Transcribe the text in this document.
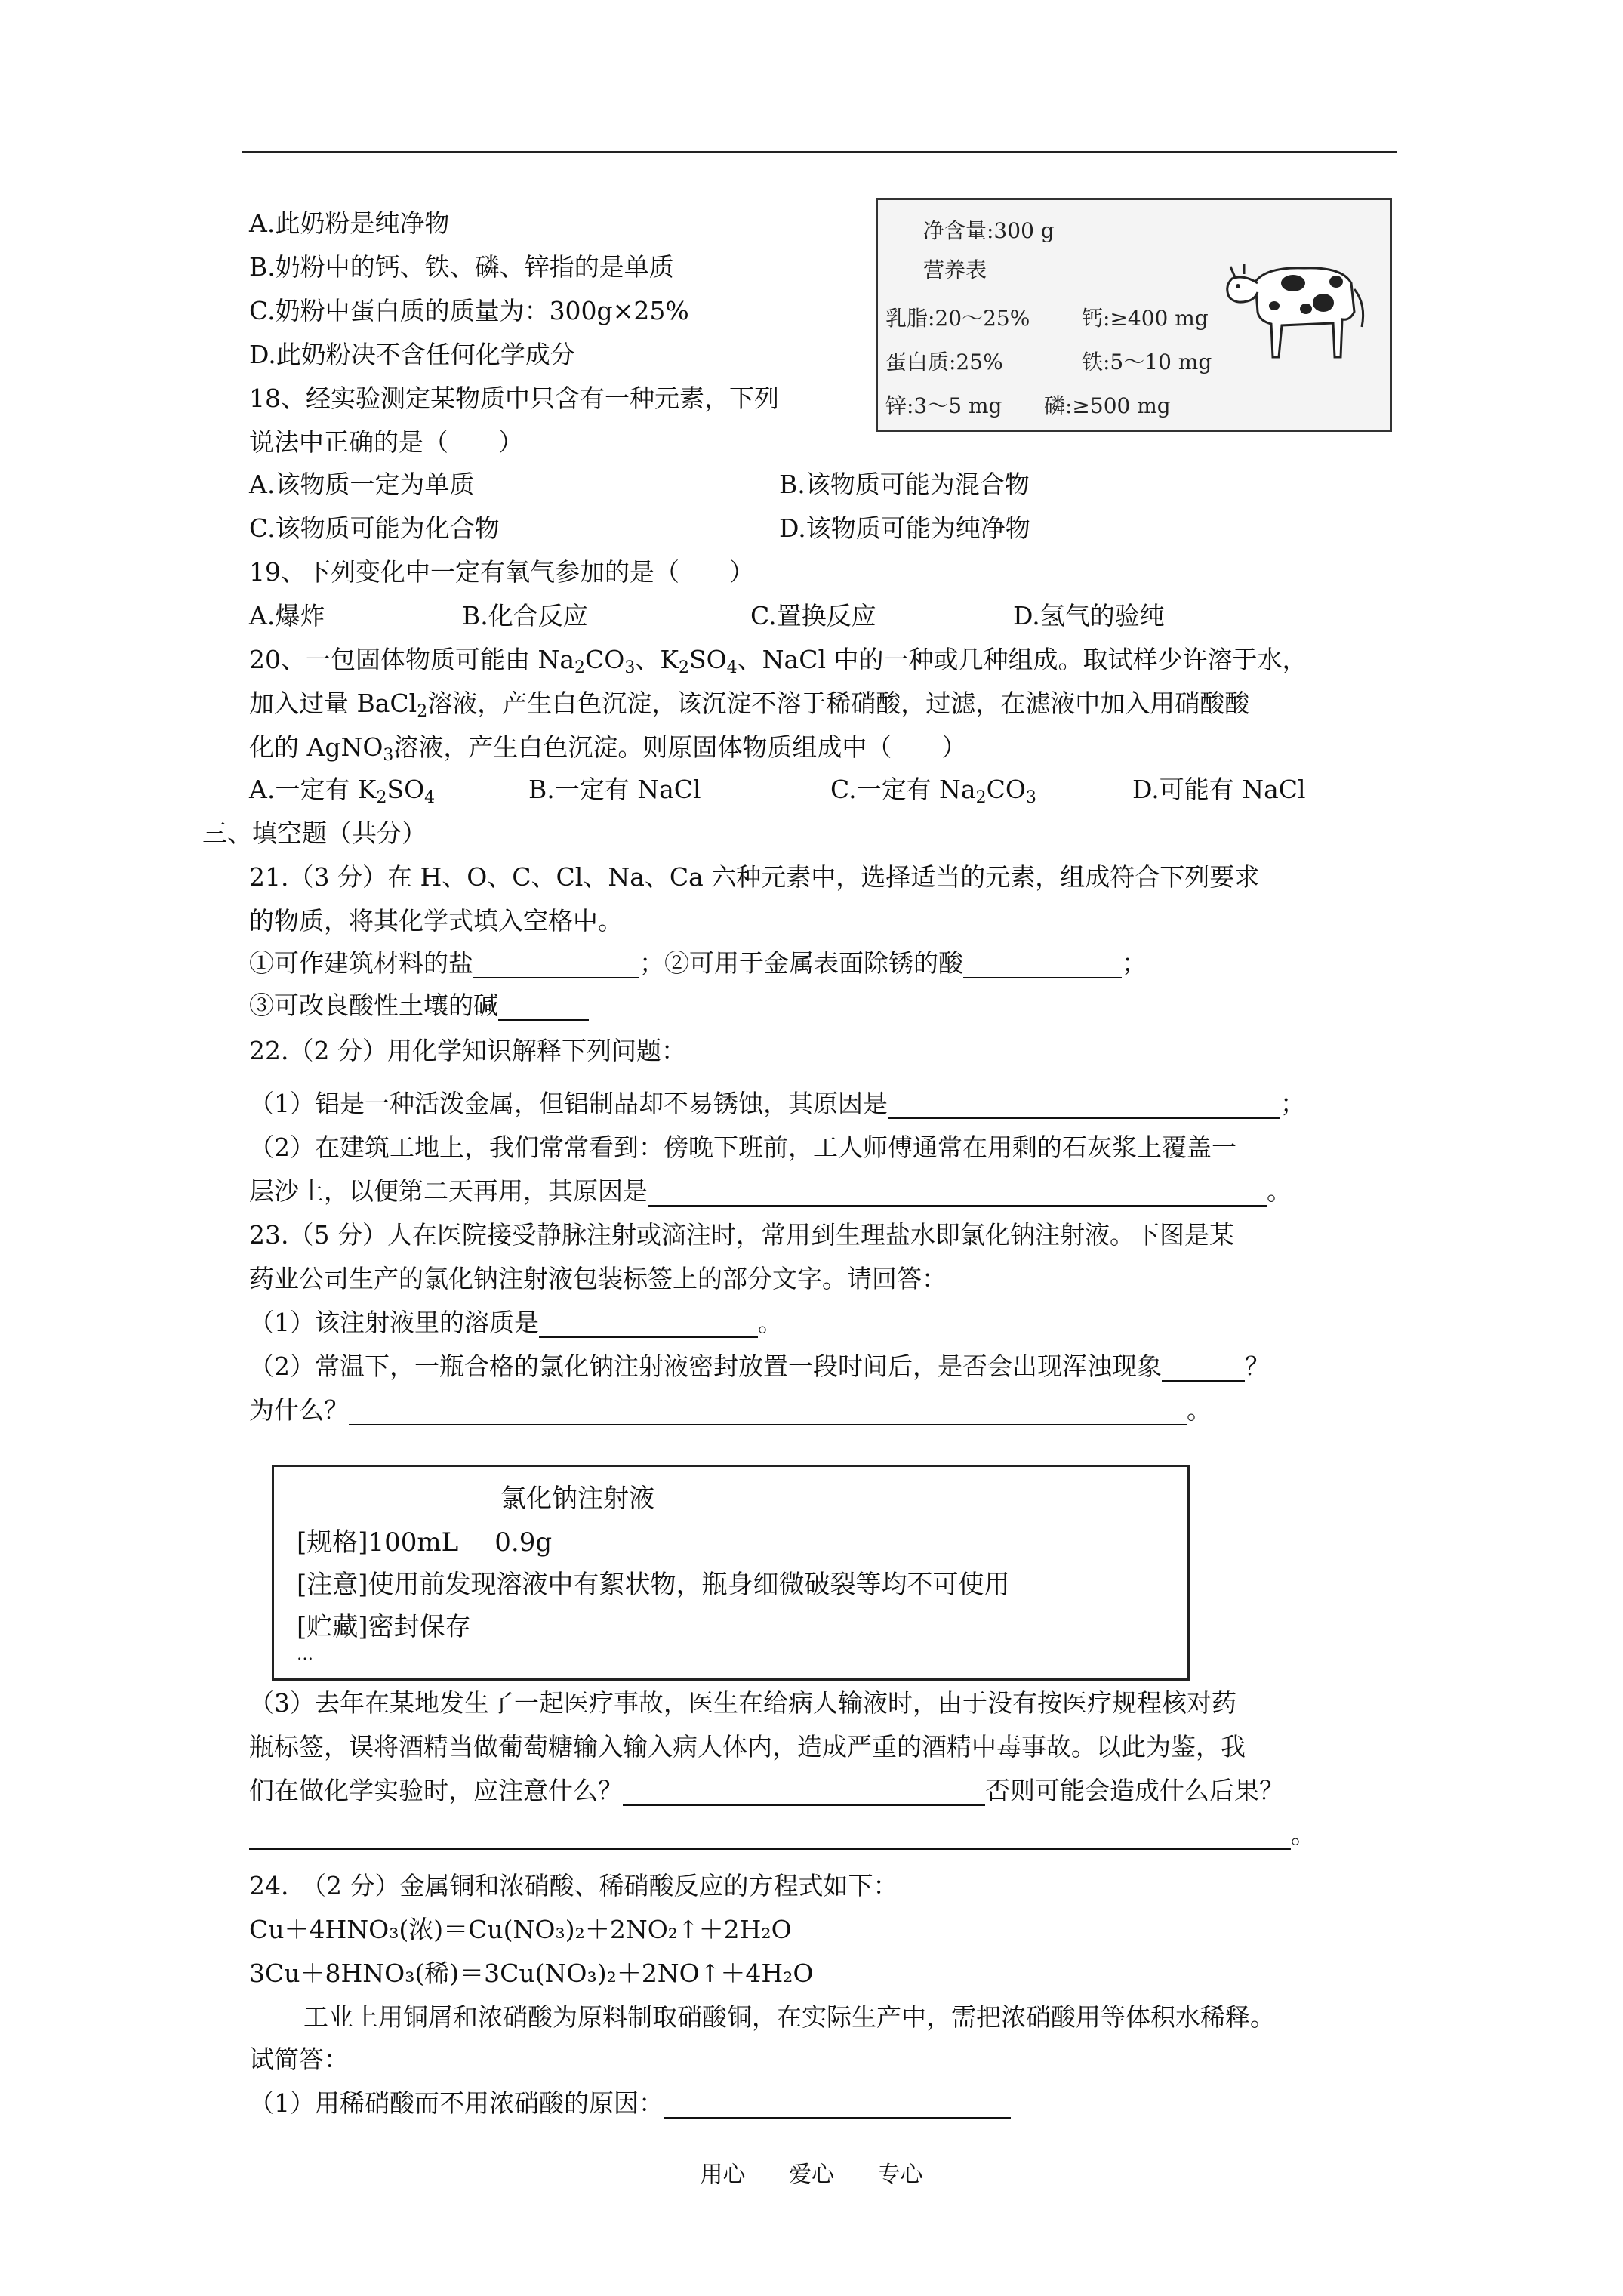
A.此奶粉是纯净物
B.奶粉中的钙、铁、磷、锌指的是单质
C.奶粉中蛋白质的质量为：300g×25%
D.此奶粉决不含任何化学成分
净含量:300 g
营养表
乳脂:20～25% 钙:≥400 mg
蛋白质:25%	铁:5～10 mg
锌:3～5 mg 磷:≥500 mg
18、经实验测定某物质中只含有一种元素，下列
说法中正确的是（　　）
A.该物质一定为单质	B.该物质可能为混合物
C.该物质可能为化合物	D.该物质可能为纯净物
19、下列变化中一定有氧气参加的是（　　）
A.爆炸	B.化合反应	C.置换反应	D.氢气的验纯
20、一包固体物质可能由 $Na_2CO_3$、$K_2SO_4$、NaCl 中的一种或几种组成。取试样少许溶于水，
加入过量 BaCl$_2$溶液，产生白色沉淀，该沉淀不溶于稀硝酸，过滤，在滤液中加入用硝酸酸
化的 AgNO$_3$溶液，产生白色沉淀。则原固体物质组成中（　　）
A.一定有 $K_2SO_4$	B.一定有 NaCl	C.一定有 $Na_2CO_3$	D.可能有 NaCl
三、填空题（共分）
21.（3 分）在 H、O、C、Cl、Na、Ca 六种元素中，选择适当的元素，组成符合下列要求
的物质，将其化学式填入空格中。
①可作建筑材料的盐	；②可用于金属表面除锈的酸	；
③可改良酸性土壤的碱
22.（2 分）用化学知识解释下列问题：
（1）铝是一种活泼金属，但铝制品却不易锈蚀，其原因是	；
（2）在建筑工地上，我们常常看到：傍晚下班前，工人师傅通常在用剩的石灰浆上覆盖一
层沙土，以便第二天再用，其原因是	。
23.（5 分）人在医院接受静脉注射或滴注时，常用到生理盐水即氯化钠注射液。下图是某
药业公司生产的氯化钠注射液包装标签上的部分文字。请回答：
（1）该注射液里的溶质是	。
（2）常温下，一瓶合格的氯化钠注射液密封放置一段时间后，是否会出现浑浊现象	？
为什么？	。
氯化钠注射液
[规格]100mL 0.9g
[注意]使用前发现溶液中有絮状物，瓶身细微破裂等均不可使用
[贮藏]密封保存
…
（3）去年在某地发生了一起医疗事故，医生在给病人输液时，由于没有按医疗规程核对药
瓶标签，误将酒精当做葡萄糖输入输入病人体内，造成严重的酒精中毒事故。以此为鉴，我
们在做化学实验时，应注意什么？	否则可能会造成什么后果？
。
24.　（2 分）金属铜和浓硝酸、稀硝酸反应的方程式如下：
Cu＋4HNO₃(浓)＝Cu(NO₃)₂＋2NO₂↑＋2H₂O
3Cu＋8HNO₃(稀)＝3Cu(NO₃)₂＋2NO↑＋4H₂O
工业上用铜屑和浓硝酸为原料制取硝酸铜，在实际生产中，需把浓硝酸用等体积水稀释。
试简答：
（1）用稀硝酸而不用浓硝酸的原因：
用心 爱心 专心
